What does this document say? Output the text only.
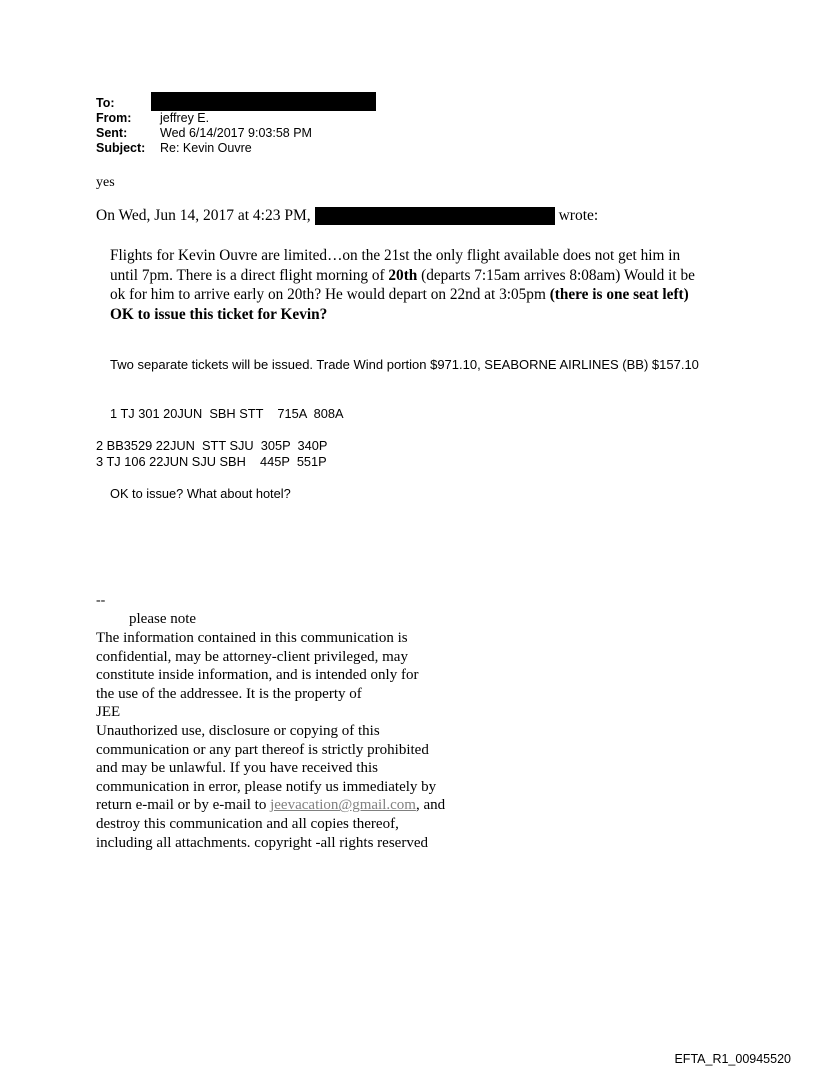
To:
From:	jeffrey E.
Sent:	Wed 6/14/2017 9:03:58 PM
Subject:	Re: Kevin Ouvre
yes
On Wed, Jun 14, 2017 at 4:23 PM,	wrote:
Flights for Kevin Ouvre are limited…on the 21st the only flight available does not get him in until 7pm. There is a direct flight morning of 20th (departs 7:15am arrives 8:08am) Would it be ok for him to arrive early on 20th? He would depart on 22nd at 3:05pm (there is one seat left)
OK to issue this ticket for Kevin?
Two separate tickets will be issued. Trade Wind portion $971.10, SEABORNE AIRLINES (BB) $157.10
1 TJ 301 20JUN  SBH STT    715A  808A
2 BB3529 22JUN  STT SJU  305P  340P
3 TJ 106 22JUN SJU SBH    445P  551P
OK to issue? What about hotel?
--
please note
The information contained in this communication is
confidential, may be attorney-client privileged, may
constitute inside information, and is intended only for
the use of the addressee. It is the property of
JEE
Unauthorized use, disclosure or copying of this
communication or any part thereof is strictly prohibited
and may be unlawful. If you have received this
communication in error, please notify us immediately by
return e-mail or by e-mail to jeevacation@gmail.com, and
destroy this communication and all copies thereof,
including all attachments. copyright -all rights reserved
EFTA_R1_00945520
